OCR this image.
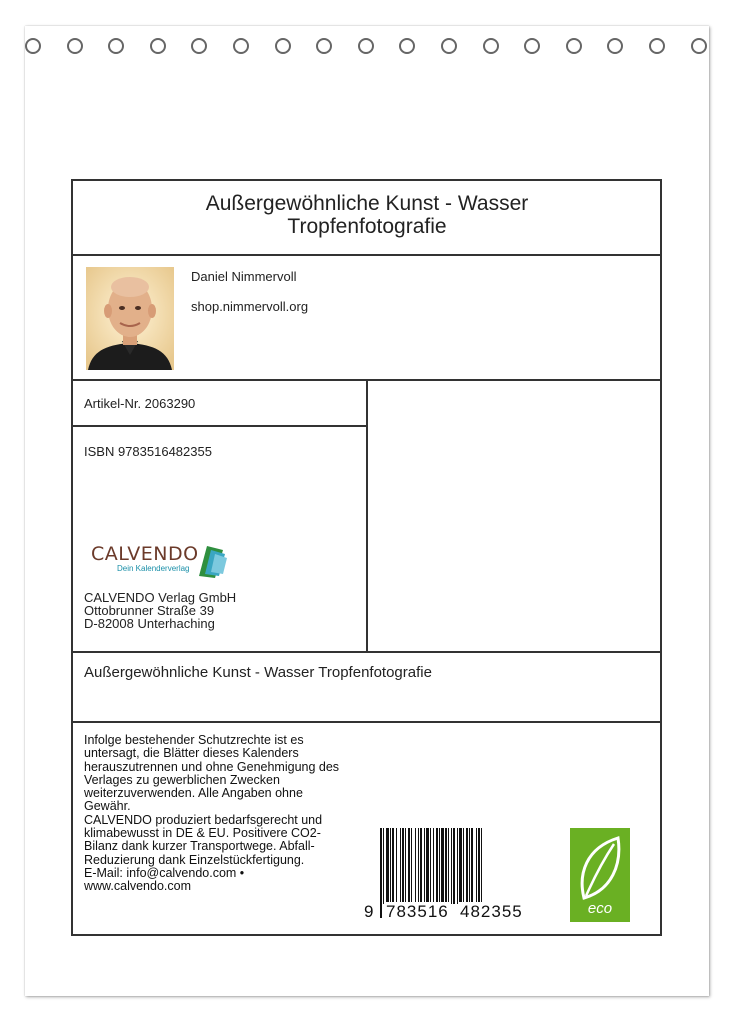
Außergewöhnliche Kunst - Wasser
Tropfenfotografie
Daniel Nimmervoll
shop.nimmervoll.org
Artikel-Nr. 2063290
ISBN 9783516482355
CALVENDO
Dein Kalenderverlag
CALVENDO Verlag GmbH
Ottobrunner Straße 39
D-82008 Unterhaching
Außergewöhnliche Kunst - Wasser Tropfenfotografie
Infolge bestehender Schutzrechte ist es
untersagt, die Blätter dieses Kalenders
herauszutrennen und ohne Genehmigung des
Verlages zu gewerblichen Zwecken
weiterzuverwenden. Alle Angaben ohne
Gewähr.
CALVENDO produziert bedarfsgerecht und
klimabewusst in DE & EU. Positivere CO2-
Bilanz dank kurzer Transportwege. Abfall-
Reduzierung dank Einzelstückfertigung.
E-Mail: info@calvendo.com •
www.calvendo.com
9 783516 482355	eco
